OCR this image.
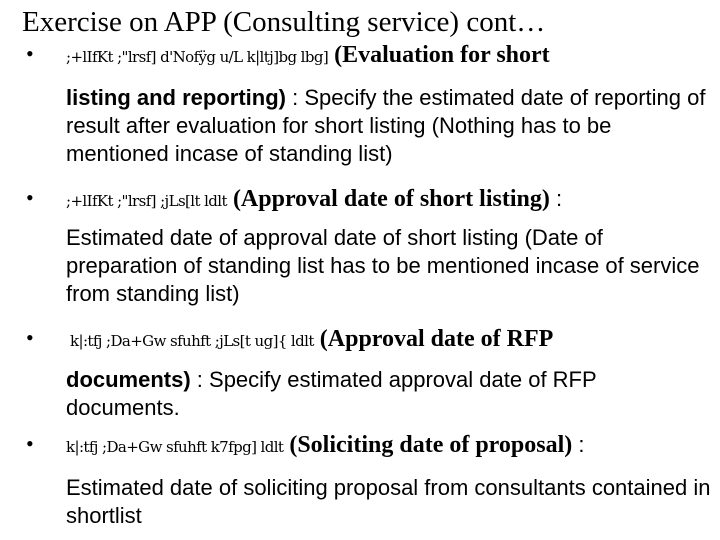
Exercise on APP (Consulting service) cont…
• ;+lIfKt ;"lrsf] d'Nofÿg u/L k|ltj]bg lbg] (Evaluation for short
listing and reporting) : Specify the estimated date of reporting of result after evaluation for short listing (Nothing has to be mentioned incase of standing list)
• ;+lIfKt ;"lrsf] ;jLs[lt ldlt (Approval date of short listing) :
Estimated date of approval date of short listing (Date of preparation of standing list has to be mentioned incase of service from standing list)
• k|:tfj ;Da+Gw sfuhft ;jLs[t ug]{ ldlt (Approval date of RFP
documents) : Specify estimated approval date of RFP documents.
• k|:tfj ;Da+Gw sfuhft k7fpg] ldlt (Soliciting date of proposal) :
Estimated date of soliciting proposal from consultants contained in shortlist
